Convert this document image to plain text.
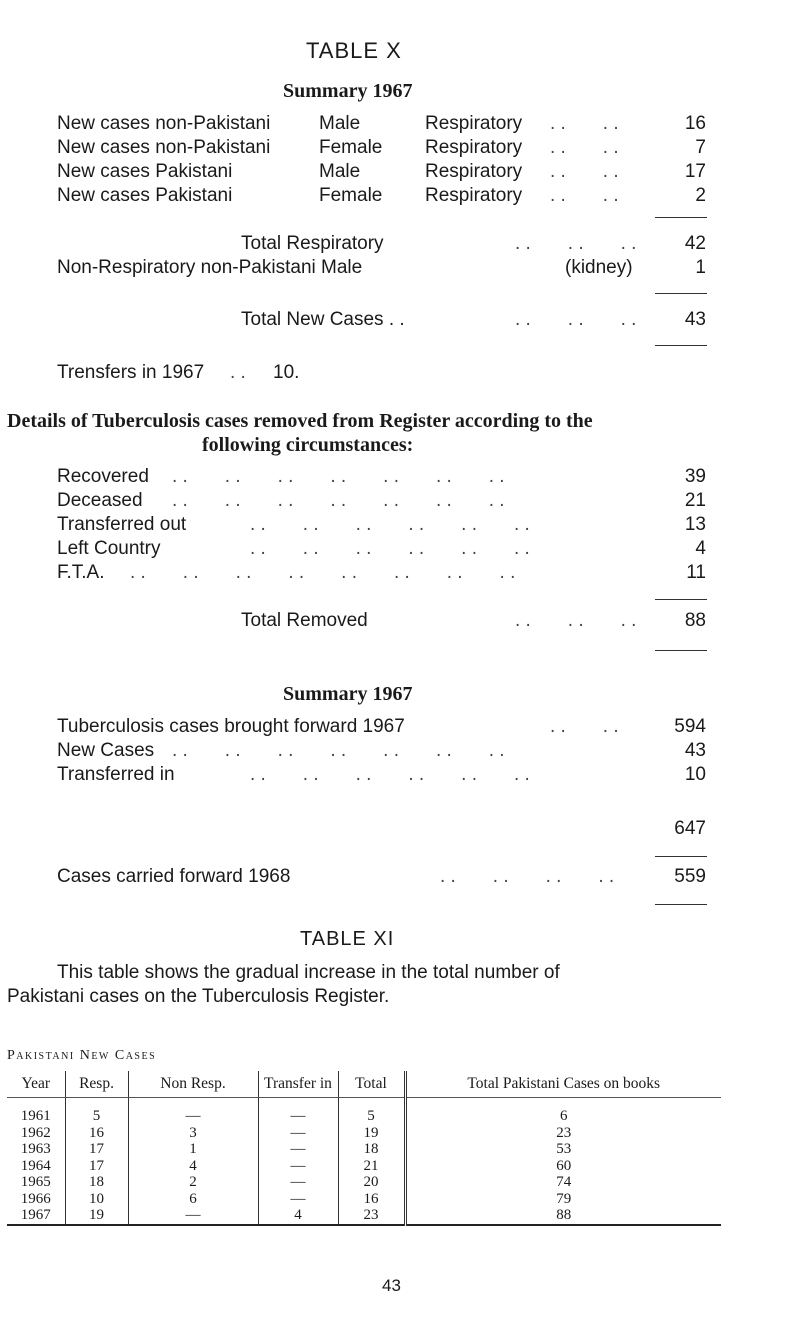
TABLE X
Summary 1967
New cases non-Pakistani	Male	Respiratory . .       . .	16
New cases non-Pakistani	Female Respiratory . .       . .	7
New cases Pakistani	Male	Respiratory . .       . .	17
New cases Pakistani	Female Respiratory . .       . .	2
Total Respiratory	. .       . .       . .	42
Non-Respiratory non-Pakistani Male	(kidney)	1
Total New Cases . .	. .       . .       . .	43
Trensfers in 1967 . . 10.
Details of Tuberculosis cases removed from Register according to the
following circumstances:
Recovered . .       . .       . .       . .       . .       . .       . .	39
Deceased . .       . .       . .       . .       . .       . .       . .	21
Transferred out	. .       . .       . .       . .       . .       . .	13
Left Country	. .       . .       . .       . .       . .       . .	4
F.T.A. . .       . .       . .       . .       . .       . .       . .       . .	11
Total Removed	. .       . .       . .	88
Summary 1967
Tuberculosis cases brought forward 1967	. .       . .	594
New Cases . .       . .       . .       . .       . .       . .       . .	43
Transferred in	. .       . .       . .       . .       . .       . .	10
647
Cases carried forward 1968	. .       . .       . .       . .	559
TABLE XI
This table shows the gradual increase in the total number of
Pakistani cases on the Tuberculosis Register.
Pakistani New Cases
Year	Resp.	Non Resp.	Transfer in	Total	Total Pakistani Cases on books
1961	5	—	—	5	6
1962	16	3	—	19	23
1963	17	1	—	18	53
1964	17	4	—	21	60
1965	18	2	—	20	74
1966	10	6	—	16	79
1967	19	—	4	23	88
43
